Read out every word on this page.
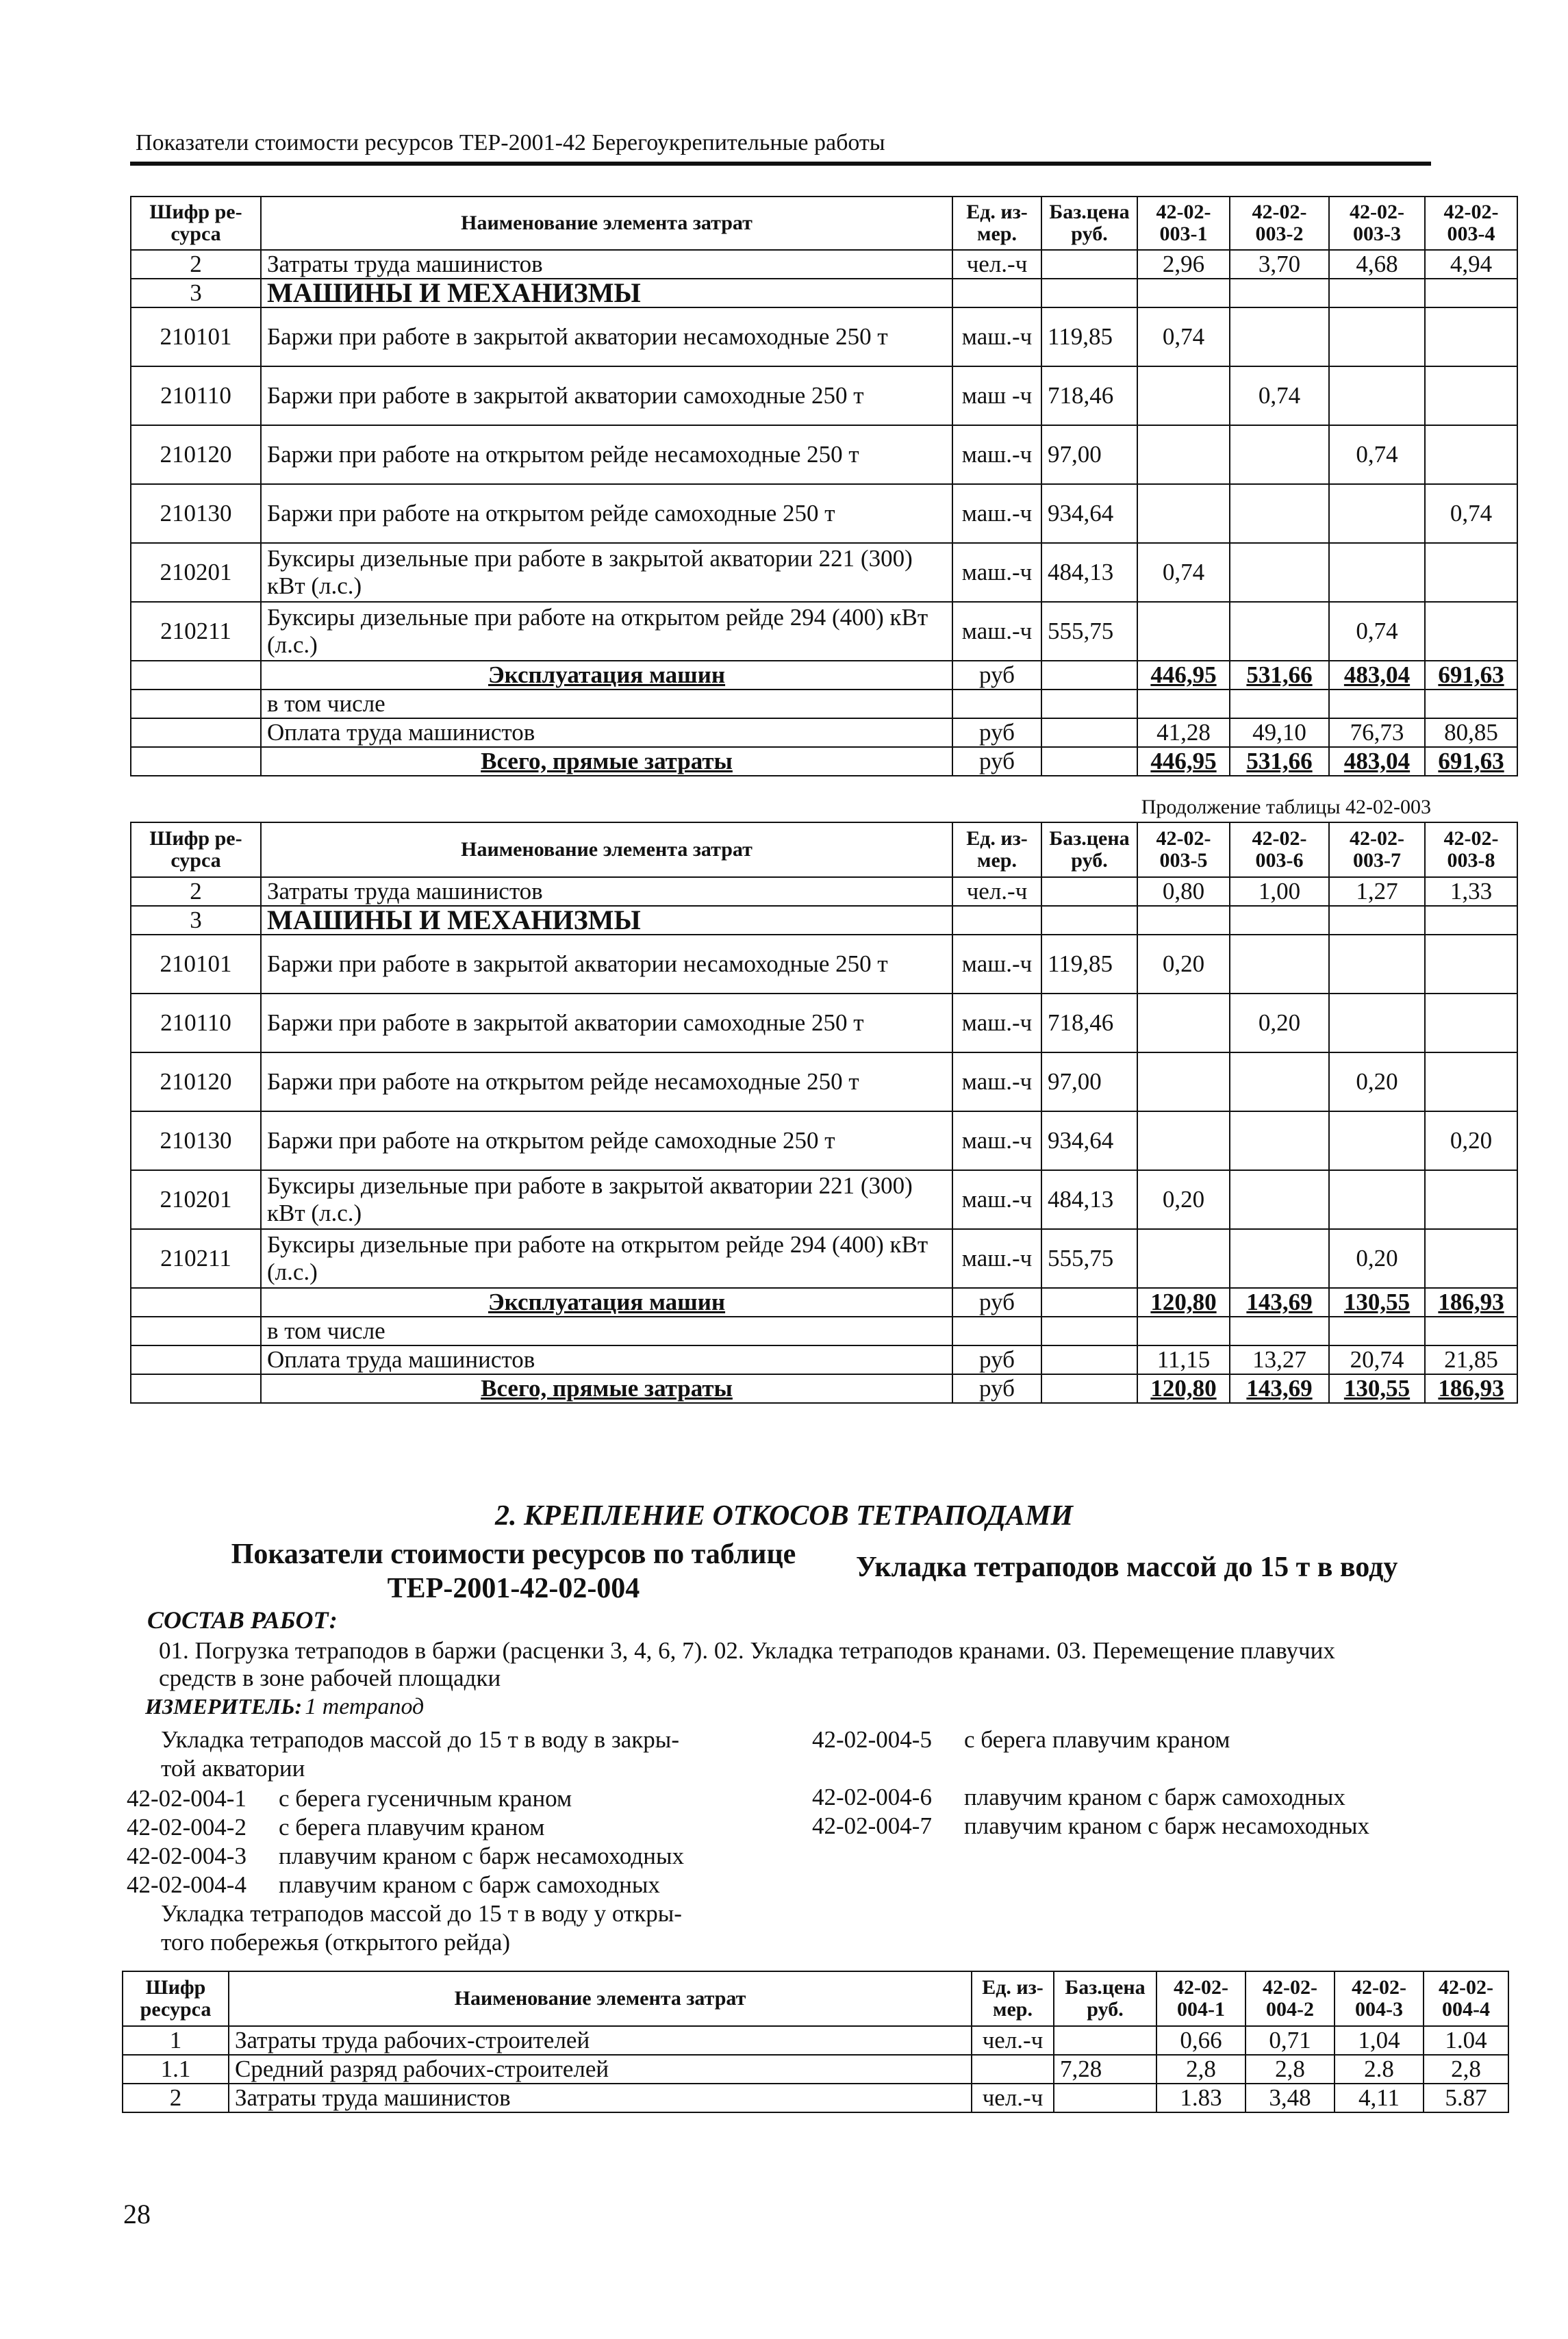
Показатели стоимости ресурсов ТЕР-2001-42 Берегоукрепительные работы
Шифр ре-сурса	Наименование элемента затрат	Ед. из-мер.	Баз.цена руб.	42-02-003-1	42-02-003-2	42-02-003-3	42-02-003-4
2	Затраты труда машинистов	чел.-ч		2,96	3,70	4,68	4,94
3	МАШИНЫ И МЕХАНИЗМЫ						
210101	Баржи при работе в закрытой акватории несамоходные 250 т	маш.-ч	119,85	0,74			
210110	Баржи при работе в закрытой акватории самоходные 250 т	маш -ч	718,46		0,74		
210120	Баржи при работе на открытом рейде несамоходные 250 т	маш.-ч	97,00			0,74	
210130	Баржи при работе на открытом рейде самоходные 250 т	маш.-ч	934,64				0,74
210201	Буксиры дизельные при работе в закрытой акватории 221 (300) кВт (л.с.)	маш.-ч	484,13	0,74			
210211	Буксиры дизельные при работе на открытом рейде 294 (400) кВт (л.с.)	маш.-ч	555,75			0,74	
	Эксплуатация машин	руб		446,95	531,66	483,04	691,63
	в том числе						
	Оплата труда машинистов	руб		41,28	49,10	76,73	80,85
	Всего, прямые затраты	руб		446,95	531,66	483,04	691,63
Продолжение таблицы 42-02-003
Шифр ре-сурса	Наименование элемента затрат	Ед. из-мер.	Баз.цена руб.	42-02-003-5	42-02-003-6	42-02-003-7	42-02-003-8
2	Затраты труда машинистов	чел.-ч		0,80	1,00	1,27	1,33
3	МАШИНЫ И МЕХАНИЗМЫ						
210101	Баржи при работе в закрытой акватории несамоходные 250 т	маш.-ч	119,85	0,20			
210110	Баржи при работе в закрытой акватории самоходные 250 т	маш.-ч	718,46		0,20		
210120	Баржи при работе на открытом рейде несамоходные 250 т	маш.-ч	97,00			0,20	
210130	Баржи при работе на открытом рейде самоходные 250 т	маш.-ч	934,64				0,20
210201	Буксиры дизельные при работе в закрытой акватории 221 (300) кВт (л.с.)	маш.-ч	484,13	0,20			
210211	Буксиры дизельные при работе на открытом рейде 294 (400) кВт (л.с.)	маш.-ч	555,75			0,20	
	Эксплуатация машин	руб		120,80	143,69	130,55	186,93
	в том числе						
	Оплата труда машинистов	руб		11,15	13,27	20,74	21,85
	Всего, прямые затраты	руб		120,80	143,69	130,55	186,93
2. КРЕПЛЕНИЕ ОТКОСОВ ТЕТРАПОДАМИ
Показатели стоимости ресурсов по таблице
ТЕР-2001-42-02-004
Укладка тетраподов массой до 15 т в воду
СОСТАВ РАБОТ:
01. Погрузка тетраподов в баржи (расценки 3, 4, 6, 7). 02. Укладка тетраподов кранами. 03. Перемещение плавучих
средств в зоне рабочей площадки
ИЗМЕРИТЕЛЬ: 1 тетрапод
Укладка тетраподов массой до 15 т в воду в закры-
той акватории
42-02-004-1	с берега гусеничным краном
42-02-004-2	с берега плавучим краном
42-02-004-3	плавучим краном с барж несамоходных
42-02-004-4	плавучим краном с барж самоходных
Укладка тетраподов массой до 15 т в воду у откры-
того побережья (открытого рейда)
42-02-004-5	с берега плавучим краном
42-02-004-6	плавучим краном с барж самоходных
42-02-004-7	плавучим краном с барж несамоходных
Шифр ресурса	Наименование элемента затрат	Ед. из-мер.	Баз.цена руб.	42-02-004-1	42-02-004-2	42-02-004-3	42-02-004-4
1	Затраты труда рабочих-строителей	чел.-ч		0,66	0,71	1,04	1.04
1.1	Средний разряд рабочих-строителей		7,28	2,8	2,8	2.8	2,8
2	Затраты труда машинистов	чел.-ч		1.83	3,48	4,11	5.87
28
